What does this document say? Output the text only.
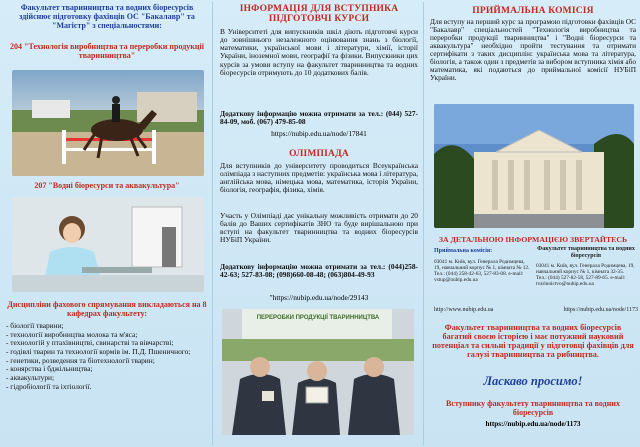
Факультет тваринництва та водних біоресурсів здійснює підготовку фахівців ОС "Бакалавр" та "Магістр" з спеціальностями:
204 "Технологія виробництва та переробки продукції тваринництва"
207 "Водні біоресурси та аквакультура"
Дисципліни фахового спрямування викладаються на 8 кафедрах факультету:
- біології тварини;
- технології виробництва молока та м'яса;
- технологій у птахівництві, свинарстві та вівчарстві;
- годівлі тварин та технології кормів ім. П.Д. Пшеничного;
- генетики, розведення та біотехнології тварин;
- конярства і бджільництва;
- аквакультури;
- гідробіології та іхтіології.
ІНФОРМАЦІЯ ДЛЯ ВСТУПНИКА ПІДГОТОВЧІ КУРСИ
В Університеті для випускників шкіл діють підготовчі курси до зовнішнього незалежного оцінювання знань з біології, математики, української мови і літератури, хімії, історії України, іноземної мови, географії та фізики. Випускники цих курсів за умови вступу на факультет тваринництва та водних біоресурсів отримують до 10 додаткових балів.
Додаткову інформацію можна отримати за тел.: (044) 527-84-09, моб. (067) 479-85-08
https://nubip.edu.ua/node/17841
ОЛІМПІАДА
Для вступників до університету проводиться Всеукраїнська олімпіада з наступних предметів: українська мова і література, англійська мова, німецька мова, математика, історія України, біологія, географія, фізика, хімія.
Участь у Олімпіаді дає унікальну можливість отримати до 20 балів до Ваших сертифікатів ЗНО та буде вирішальною при вступі на факультет тваринництва та водних біоресурсів НУБіП України.
Додаткову інформацію можна отримати за тел.: (044)258-42-63; 527-83-08; (098)660-08-48; (063)804-49-93
"https://nubip.edu.ua/node/29143
ПЕРЕРОБКИ ПРОДУКЦІЇ ТВАРИННИЦТВА
ПРИЙМАЛЬНА КОМІСІЯ
Для вступу на перший курс за програмою підготовки фахівців ОС "Бакалавр" спеціальностей "Технологія виробництва та переробки продукції тваринництва" і "Водні біоресурси та аквакультура" необхідно пройти тестування та отримати сертифікати з таких дисциплін: українська мова та література, біологія, а також один з предметів за вибором вступника хімія або математика, які подаються до приймальної комісії НУБіП України.
ЗА ДЕТАЛЬНОЮ ІНФОРМАЦІЄЮ ЗВЕРТАЙТЕСЬ
Приймальна комісія:
03041 м. Київ, вул. Генерала Родимцева, 19, навчальний корпус № 1, кімната № 12. Тел.: (044) 258-42-63, 527-83-08. e-mail: vstup@nubip.edu.ua
http://www.nubip.edu.ua
Факультет тваринництва та водних біоресурсів
03041 м. Київ, вул. Генерала Родимцева, 19, навчальний корпус № 1, кімната 32-35. Тел.: (044) 527-82-58, 527-89-65. e-mail: tvarinnictvo@nubip.edu.ua
https://nubip.edu.ua/node/1173
Факультет тваринництва та водних біоресурсів багатий своєю історією і має потужний науковий потенціал та сильні традиції у підготовці фахівців для галузі тваринництва та рибництва.
Ласкаво просимо!
Вступнику факультету тваринництва та водних біоресурсів
https://nubip.edu.ua/node/1173
